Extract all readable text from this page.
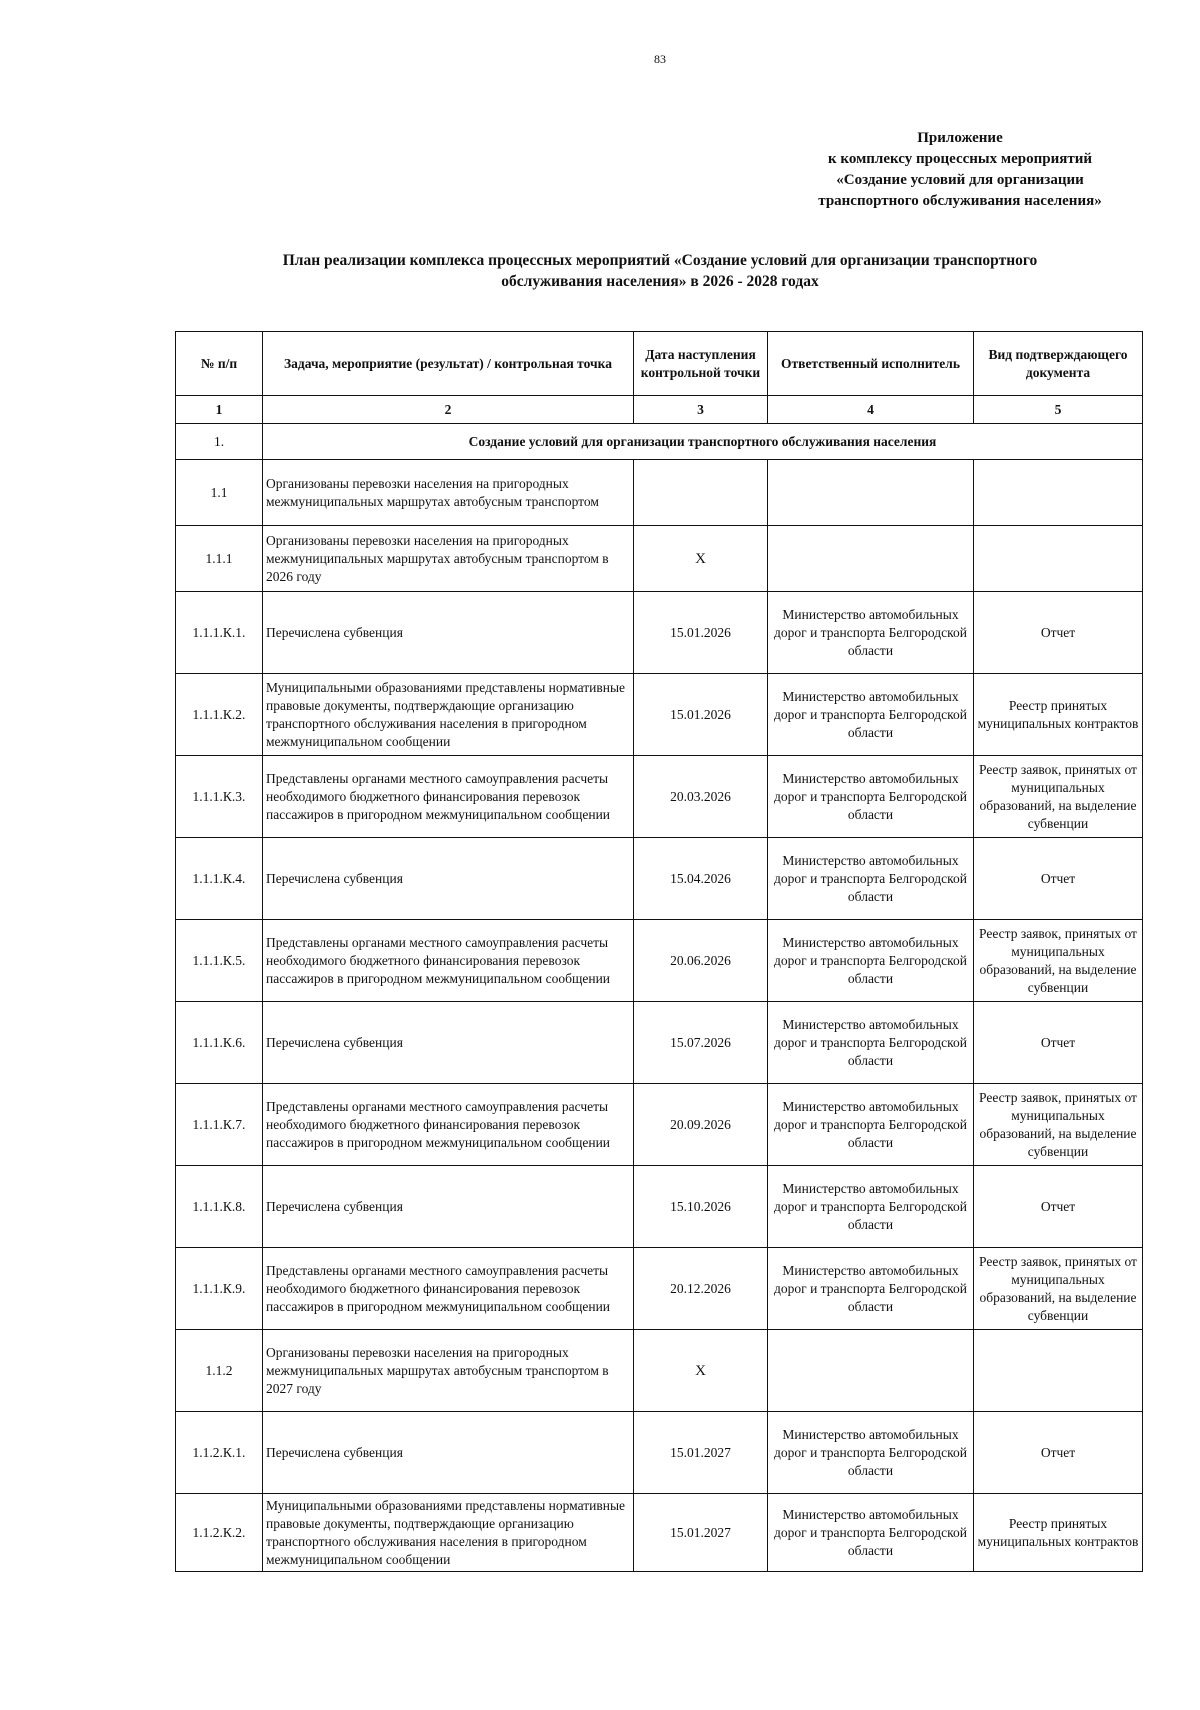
83
Приложение
к комплексу процессных мероприятий
«Создание условий для организации
транспортного обслуживания населения»
План реализации комплекса процессных мероприятий «Создание условий для организации транспортного
обслуживания населения» в 2026 - 2028 годах
№ п/п	Задача, мероприятие (результат) / контрольная точка	Дата наступления контрольной точки	Ответственный исполнитель	Вид подтверждающего документа
1	2	3	4	5
1.	Создание условий для организации транспортного обслуживания населения			
1.1	Организованы перевозки населения на пригородных межмуниципальных маршрутах автобусным транспортом			
1.1.1	Организованы перевозки населения на пригородных межмуниципальных маршрутах автобусным транспортом в 2026 году	X		
1.1.1.К.1.	Перечислена субвенция	15.01.2026	Министерство автомобильных дорог и транспорта Белгородской области	Отчет
1.1.1.К.2.	Муниципальными образованиями представлены нормативные правовые документы, подтверждающие организацию транспортного обслуживания населения в пригородном межмуниципальном сообщении	15.01.2026	Министерство автомобильных дорог и транспорта Белгородской области	Реестр принятых муниципальных контрактов
1.1.1.К.3.	Представлены органами местного самоуправления расчеты необходимого бюджетного финансирования перевозок пассажиров в пригородном межмуниципальном сообщении	20.03.2026	Министерство автомобильных дорог и транспорта Белгородской области	Реестр заявок, принятых от муниципальных образований, на выделение субвенции
1.1.1.К.4.	Перечислена субвенция	15.04.2026	Министерство автомобильных дорог и транспорта Белгородской области	Отчет
1.1.1.К.5.	Представлены органами местного самоуправления расчеты необходимого бюджетного финансирования перевозок пассажиров в пригородном межмуниципальном сообщении	20.06.2026	Министерство автомобильных дорог и транспорта Белгородской области	Реестр заявок, принятых от муниципальных образований, на выделение субвенции
1.1.1.К.6.	Перечислена субвенция	15.07.2026	Министерство автомобильных дорог и транспорта Белгородской области	Отчет
1.1.1.К.7.	Представлены органами местного самоуправления расчеты необходимого бюджетного финансирования перевозок пассажиров в пригородном межмуниципальном сообщении	20.09.2026	Министерство автомобильных дорог и транспорта Белгородской области	Реестр заявок, принятых от муниципальных образований, на выделение субвенции
1.1.1.К.8.	Перечислена субвенция	15.10.2026	Министерство автомобильных дорог и транспорта Белгородской области	Отчет
1.1.1.К.9.	Представлены органами местного самоуправления расчеты необходимого бюджетного финансирования перевозок пассажиров в пригородном межмуниципальном сообщении	20.12.2026	Министерство автомобильных дорог и транспорта Белгородской области	Реестр заявок, принятых от муниципальных образований, на выделение субвенции
1.1.2	Организованы перевозки населения на пригородных межмуниципальных маршрутах автобусным транспортом в 2027 году	X		
1.1.2.К.1.	Перечислена субвенция	15.01.2027	Министерство автомобильных дорог и транспорта Белгородской области	Отчет
1.1.2.К.2.	Муниципальными образованиями представлены нормативные правовые документы, подтверждающие организацию транспортного обслуживания населения в пригородном межмуниципальном сообщении	15.01.2027	Министерство автомобильных дорог и транспорта Белгородской области	Реестр принятых муниципальных контрактов
